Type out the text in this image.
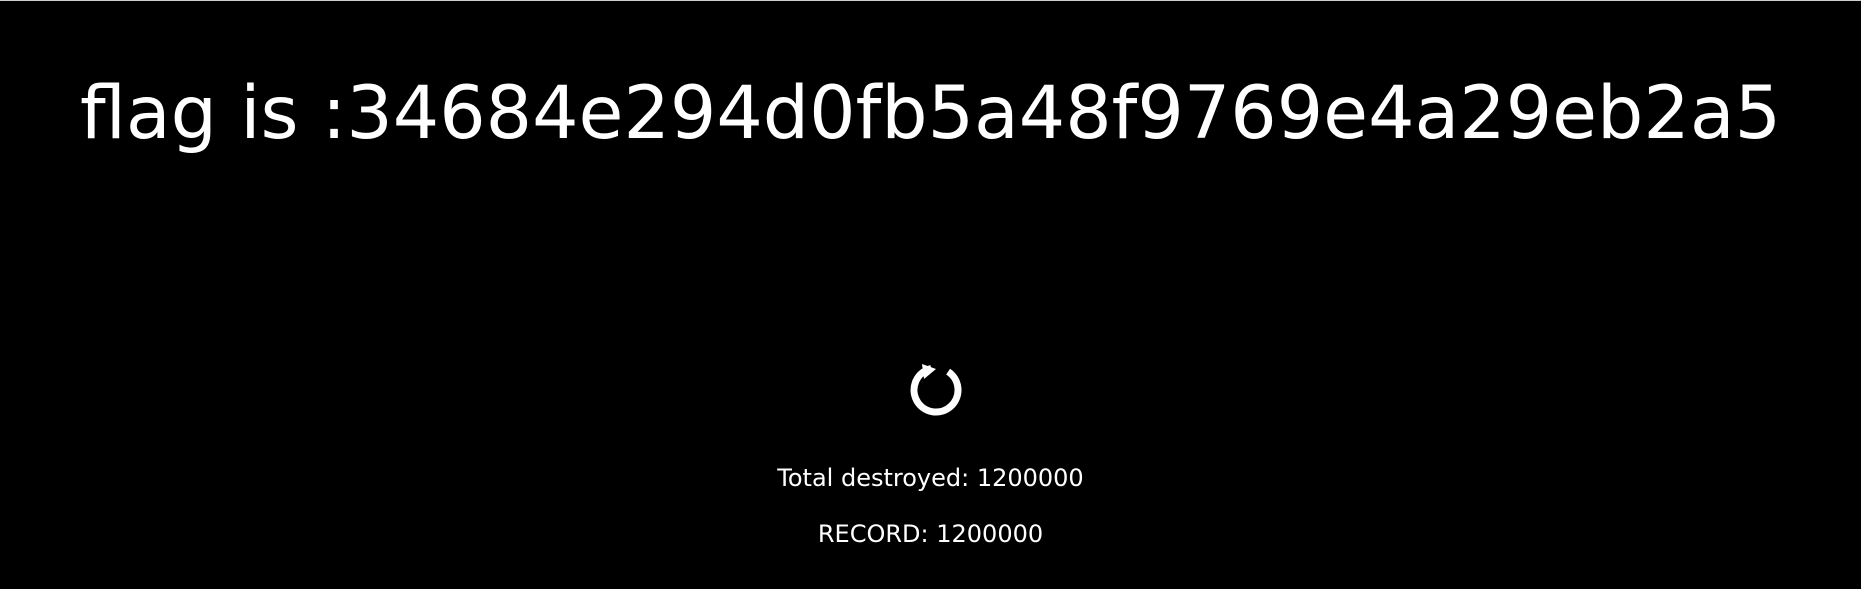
flag is :34684e294d0fb5a48f9769e4a29eb2a5
Total destroyed: 1200000
RECORD: 1200000
